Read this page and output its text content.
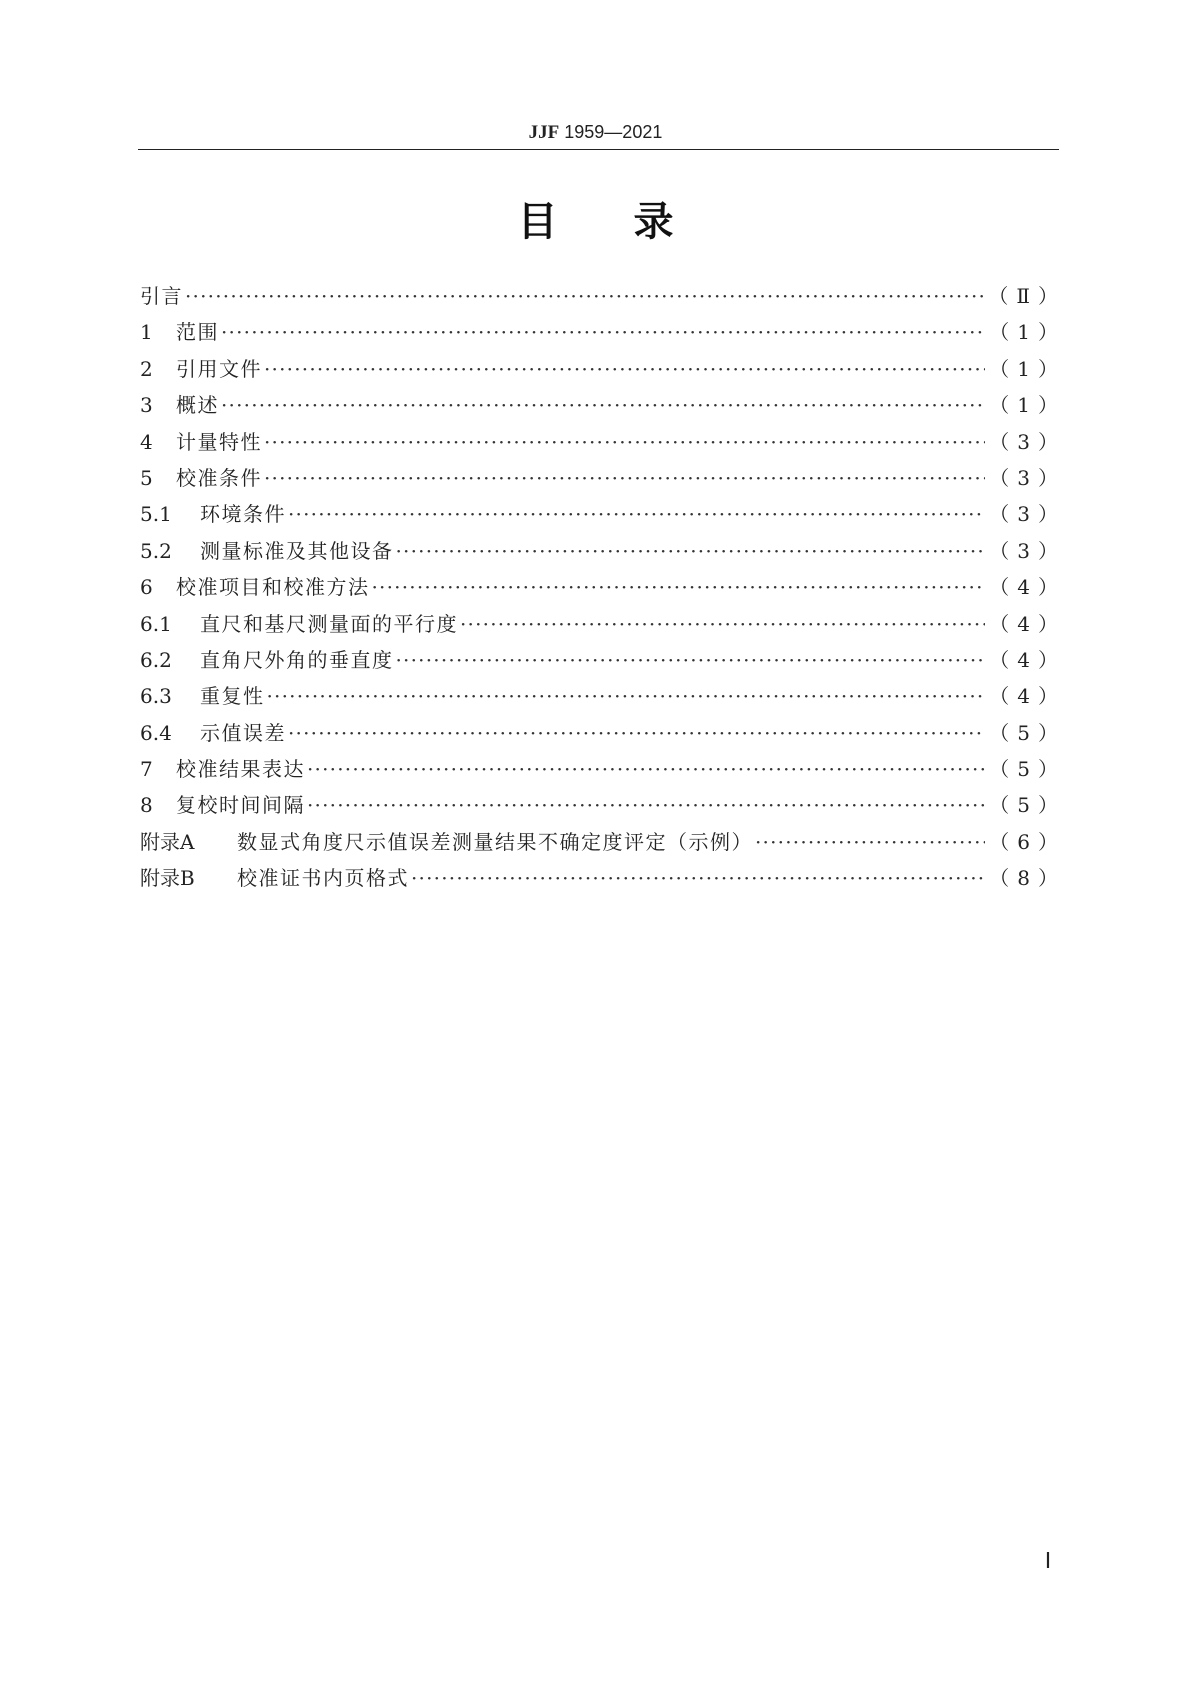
JJF 1959—2021
目录
引言 ·····	（Ⅱ）
1	范围 ·····	（1）
2	引用文件 ·····	（1）
3	概述 ·····	（1）
4	计量特性 ·····	（3）
5	校准条件 ·····	（3）
5.1	环境条件 ·····	（3）
5.2	测量标准及其他设备 ·····	（3）
6	校准项目和校准方法 ·····	（4）
6.1	直尺和基尺测量面的平行度 ·····	（4）
6.2	直角尺外角的垂直度 ·····	（4）
6.3	重复性 ·····	（4）
6.4	示值误差 ·····	（5）
7	校准结果表达 ·····	（5）
8	复校时间间隔 ·····	（5）
附录A	数显式角度尺示值误差测量结果不确定度评定（示例） ·····	（6）
附录B	校准证书内页格式 ·····	（8）
Ⅰ
